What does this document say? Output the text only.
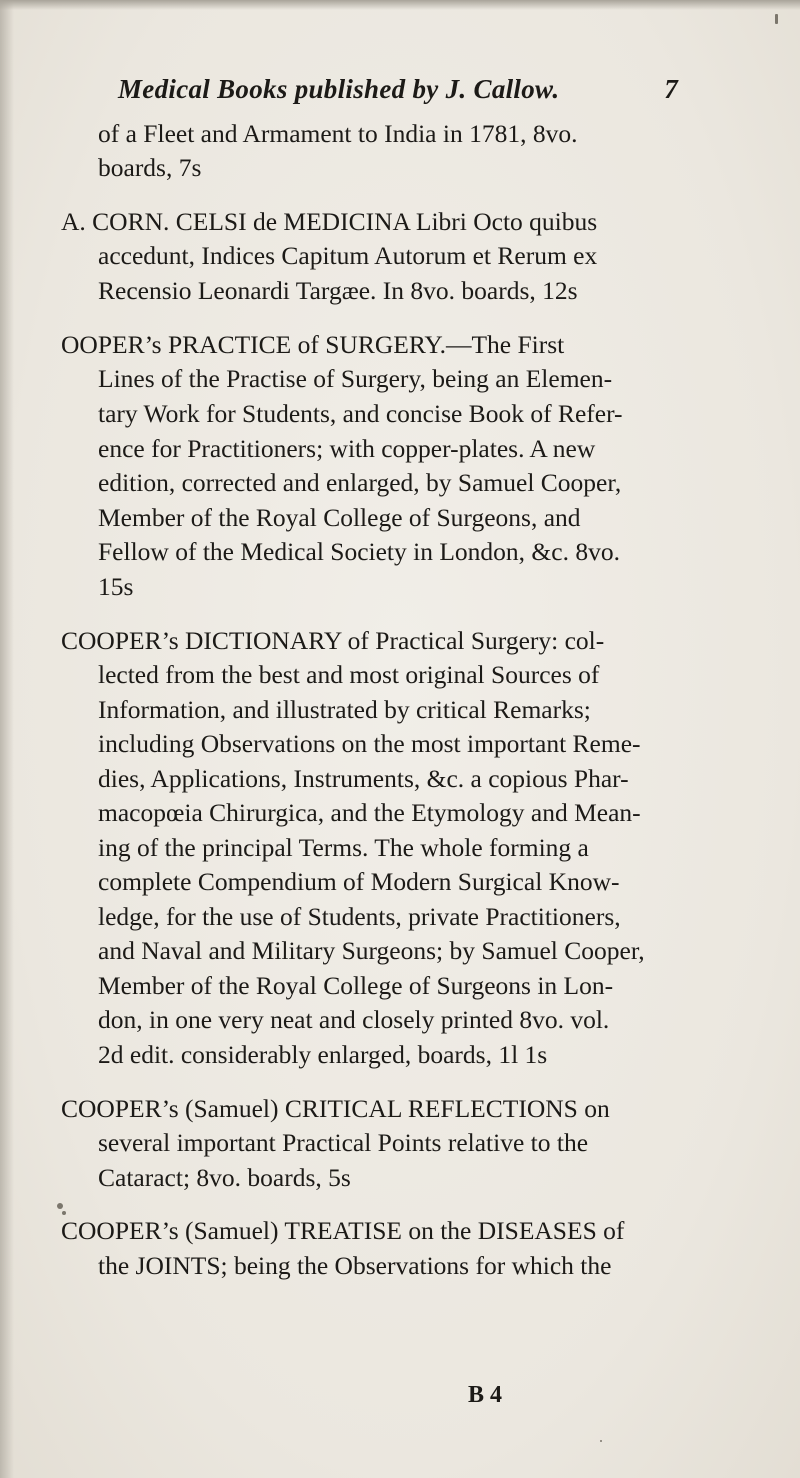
Medical Books published by J. Callow.	7
of a Fleet and Armament to India in 1781, 8vo.
boards, 7s
A. CORN. CELSI de MEDICINA Libri Octo quibus
accedunt, Indices Capitum Autorum et Rerum ex
Recensio Leonardi Targæe. In 8vo. boards, 12s
OOPER’s PRACTICE of SURGERY.—The First
Lines of the Practise of Surgery, being an Elemen-
tary Work for Students, and concise Book of Refer-
ence for Practitioners; with copper-plates. A new
edition, corrected and enlarged, by Samuel Cooper,
Member of the Royal College of Surgeons, and
Fellow of the Medical Society in London, &c. 8vo.
15s
COOPER’s DICTIONARY of Practical Surgery: col-
lected from the best and most original Sources of
Information, and illustrated by critical Remarks;
including Observations on the most important Reme-
dies, Applications, Instruments, &c. a copious Phar-
macopœia Chirurgica, and the Etymology and Mean-
ing of the principal Terms. The whole forming a
complete Compendium of Modern Surgical Know-
ledge, for the use of Students, private Practitioners,
and Naval and Military Surgeons; by Samuel Cooper,
Member of the Royal College of Surgeons in Lon-
don, in one very neat and closely printed 8vo. vol.
2d edit. considerably enlarged, boards, 1l 1s
COOPER’s (Samuel) CRITICAL REFLECTIONS on
several important Practical Points relative to the
Cataract; 8vo. boards, 5s
COOPER’s (Samuel) TREATISE on the DISEASES of
the JOINTS; being the Observations for which the
B 4
